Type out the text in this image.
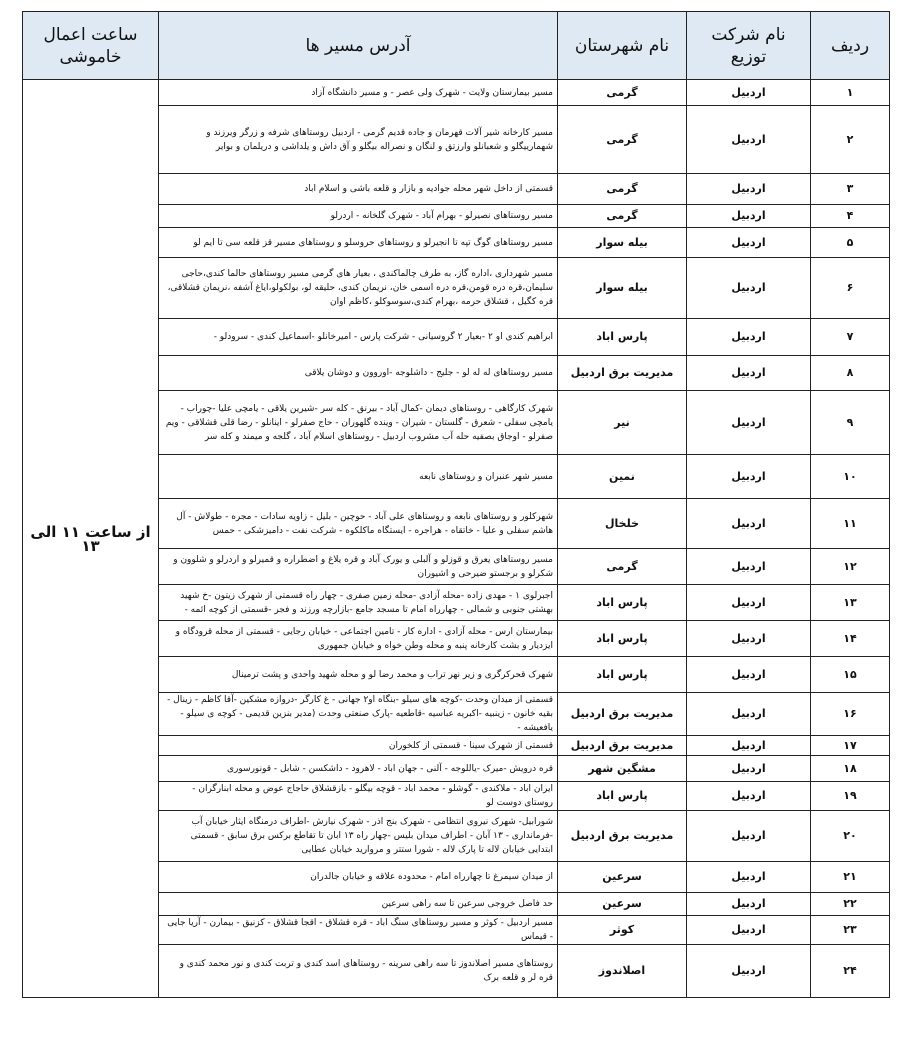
ردیف	نام شرکت توزیع	نام شهرستان	آدرس مسیر ها	ساعت اعمال خاموشی
۱	اردبیل	گرمی	مسیر بیمارستان ولایت - شهرک ولی عصر - و مسیر دانشگاه آزاد	از ساعت ۱۱ الی ۱۳
۲	اردبیل	گرمی	مسیر کارخانه شیر آلات قهرمان و جاده قدیم گرمی - اردبیل روستاهای شرفه و زرگر ویرزند و شهمارییگلو و شعبانلو وارزتق و لنگان و نصراله بیگلو و آق داش و یلداشی و دریلمان و بوایر	
۳	اردبیل	گرمی	قسمتی از داخل شهر محله جوادیه و بازار و قلعه باشی و اسلام اباد	
۴	اردبیل	گرمی	مسیر روستاهای نصیرلو - بهرام آباد - شهرک گلخانه - اردرلو	
۵	اردبیل	بیله سوار	مسیر روستاهای گوگ تپه تا انجیرلو و روستاهای حروسلو و روستاهای مسیر قز قلعه سی تا ایم لو	
۶	اردبیل	بیله سوار	مسیر شهرداری ،اداره گاز، به طرف چالماکندی ، بعیار های گرمی مسیر روستاهای حالما کندی،حاجی سلیمان،قره دره قومن،قره دره اسمی خان، نریمان کندی، حلیقه لو، بولکولو،ایاغ آشفه ،نریمان قشلاقی، قره کگیل ، قشلاق حرمه ،بهرام کندی،سوسوکلو ،کاظم اوان	
۷	اردبیل	پارس اباد	ابراهیم کندی او ۲ -بعیار ۲ گروسیانی - شرکت پارس - امیرخانلو -اسماعیل کندی - سرودلو -	
۸	اردبیل	مدیریت برق اردبیل	مسیر روستاهای له له لو - جلیج - داشلوجه -اوروون و دوشان یلاقی	
۹	اردبیل	نیر	شهرک کارگاهی - روستاهای دیمان -کمال آباد - بیرنق - کله سر -شیرین یلاقی - یامچی علیا -چوراب - یامچی سفلی - شعرق - گلستان - شیران - وینده گلهوران - حاج صفرلو - اینانلو - رضا قلی قشلاقی - ویم صفرلو - اوجاق بصفیه حله آب مشروب اردبیل - روستاهای اسلام آباد ، گلجه و میمند و کله سر	
۱۰	اردبیل	نمین	مسیر شهر عنبران و روستاهای نابعه	
۱۱	اردبیل	خلخال	شهرکلور و روستاهای نابعه و روستاهای علی آباد - حوچین - بلیل - زاویه سادات - مجره - طولاش - آل هاشم سفلی و علیا - خاتقاه - هراجره - ایستگاه ماکلکوه - شرکت نفت - دامیزشکی - حمس	
۱۲	اردبیل	گرمی	مسیر روستاهای یعرق و قوزلو و آلبلی و یورک آباد و قره یلاغ و اضطراره و قمیرلو و اردرلو و شلوون و شکرلو و برجستو ضیرحی و اشیوران	
۱۳	اردبیل	پارس اباد	اجبرلوی ۱ - مهدی زاده -محله آزادی -محله زمین صفری - چهار راه قسمتی از شهرک زیتون -خ شهید بهشتی جنوبی و شمالی - چهارراه امام تا مسجد جامع -بازارچه ورزند و فجر -قسمتی از کوچه ائمه -	
۱۴	اردبیل	پارس اباد	بیمارستان ارس - محله آزادی - اداره کار - تامین اجتماعی - خیابان رجایی - قسمتی از محله قرودگاه و ایزدیار و بشت کارخانه پنبه و محله وطن خواه و خیابان جمهوری	
۱۵	اردبیل	پارس اباد	شهرک قحرکرگری و زیر نهر تراب و محمد رضا لو و محله شهید واحدی و پشت ترمینال	
۱۶	اردبیل	مدیریت برق اردبیل	قسمتی از میدان وحدت -کوچه های سیلو -بنگاه او۲ جهانی - غ کارگر -دروازه مشکین -آقا کاظم - زینال - بقیه خانون - زینبیه -اکبریه عباسیه -قاطعیه -پارک صنعتی وحدت (مدیر بنزین قدیمی - کوچه ی سیلو - یافعیشه -	
۱۷	اردبیل	مدیریت برق اردبیل	قسمتی از شهرک سینا - قسمتی از کلخوران	
۱۸	اردبیل	مشگین شهر	قره درویش -میرک -یاللوجه - آلنی - جهان اباد - لاهرود - داشکسن - شابل - قونورسوری	
۱۹	اردبیل	پارس اباد	ایران اباد - ملاکندی - گوشلو - محمد اباد - قوچه بیگلو - بازقشلاق حاجاج عوض و محله ابنارگران - روستای دوست لو	
۲۰	اردبیل	مدیریت برق اردبیل	شورابیل- شهرک نیروی انتظامی - شهرک بنج اذر - شهرک نیارش -اطراف درمنگاه ایثار خیابان آب -فرمانداری - ۱۳ آبان - اطراف میدان بلیس -چهار راه ۱۳ ابان تا تقاطع برکس برق سابق - قسمتی ابتدایی خیابان لاله تا پارک لاله - شورا ستتر و مروارید خیابان عطایی	
۲۱	اردبیل	سرعین	از میدان سیمرغ تا چهارراه امام - محدوده علاقه و خیابان جالدران	
۲۲	اردبیل	سرعین	حد فاصل خروجی سرعین تا سه راهی سرعین	
۲۳	اردبیل	کوثر	مسیر اردبیل - کوثر و مسیر روستاهای سنگ اباد - قره قشلاق - اقجا قشلاق - کزنیق - بیمارن - آریا جایی - قیماس	
۲۴	اردبیل	اصلاندوز	روستاهای مسیر اصلاندوز تا سه راهی سرینه - روستاهای اسد کندی و تربت کندی و نور محمد کندی و قره لر و قلعه برک	
